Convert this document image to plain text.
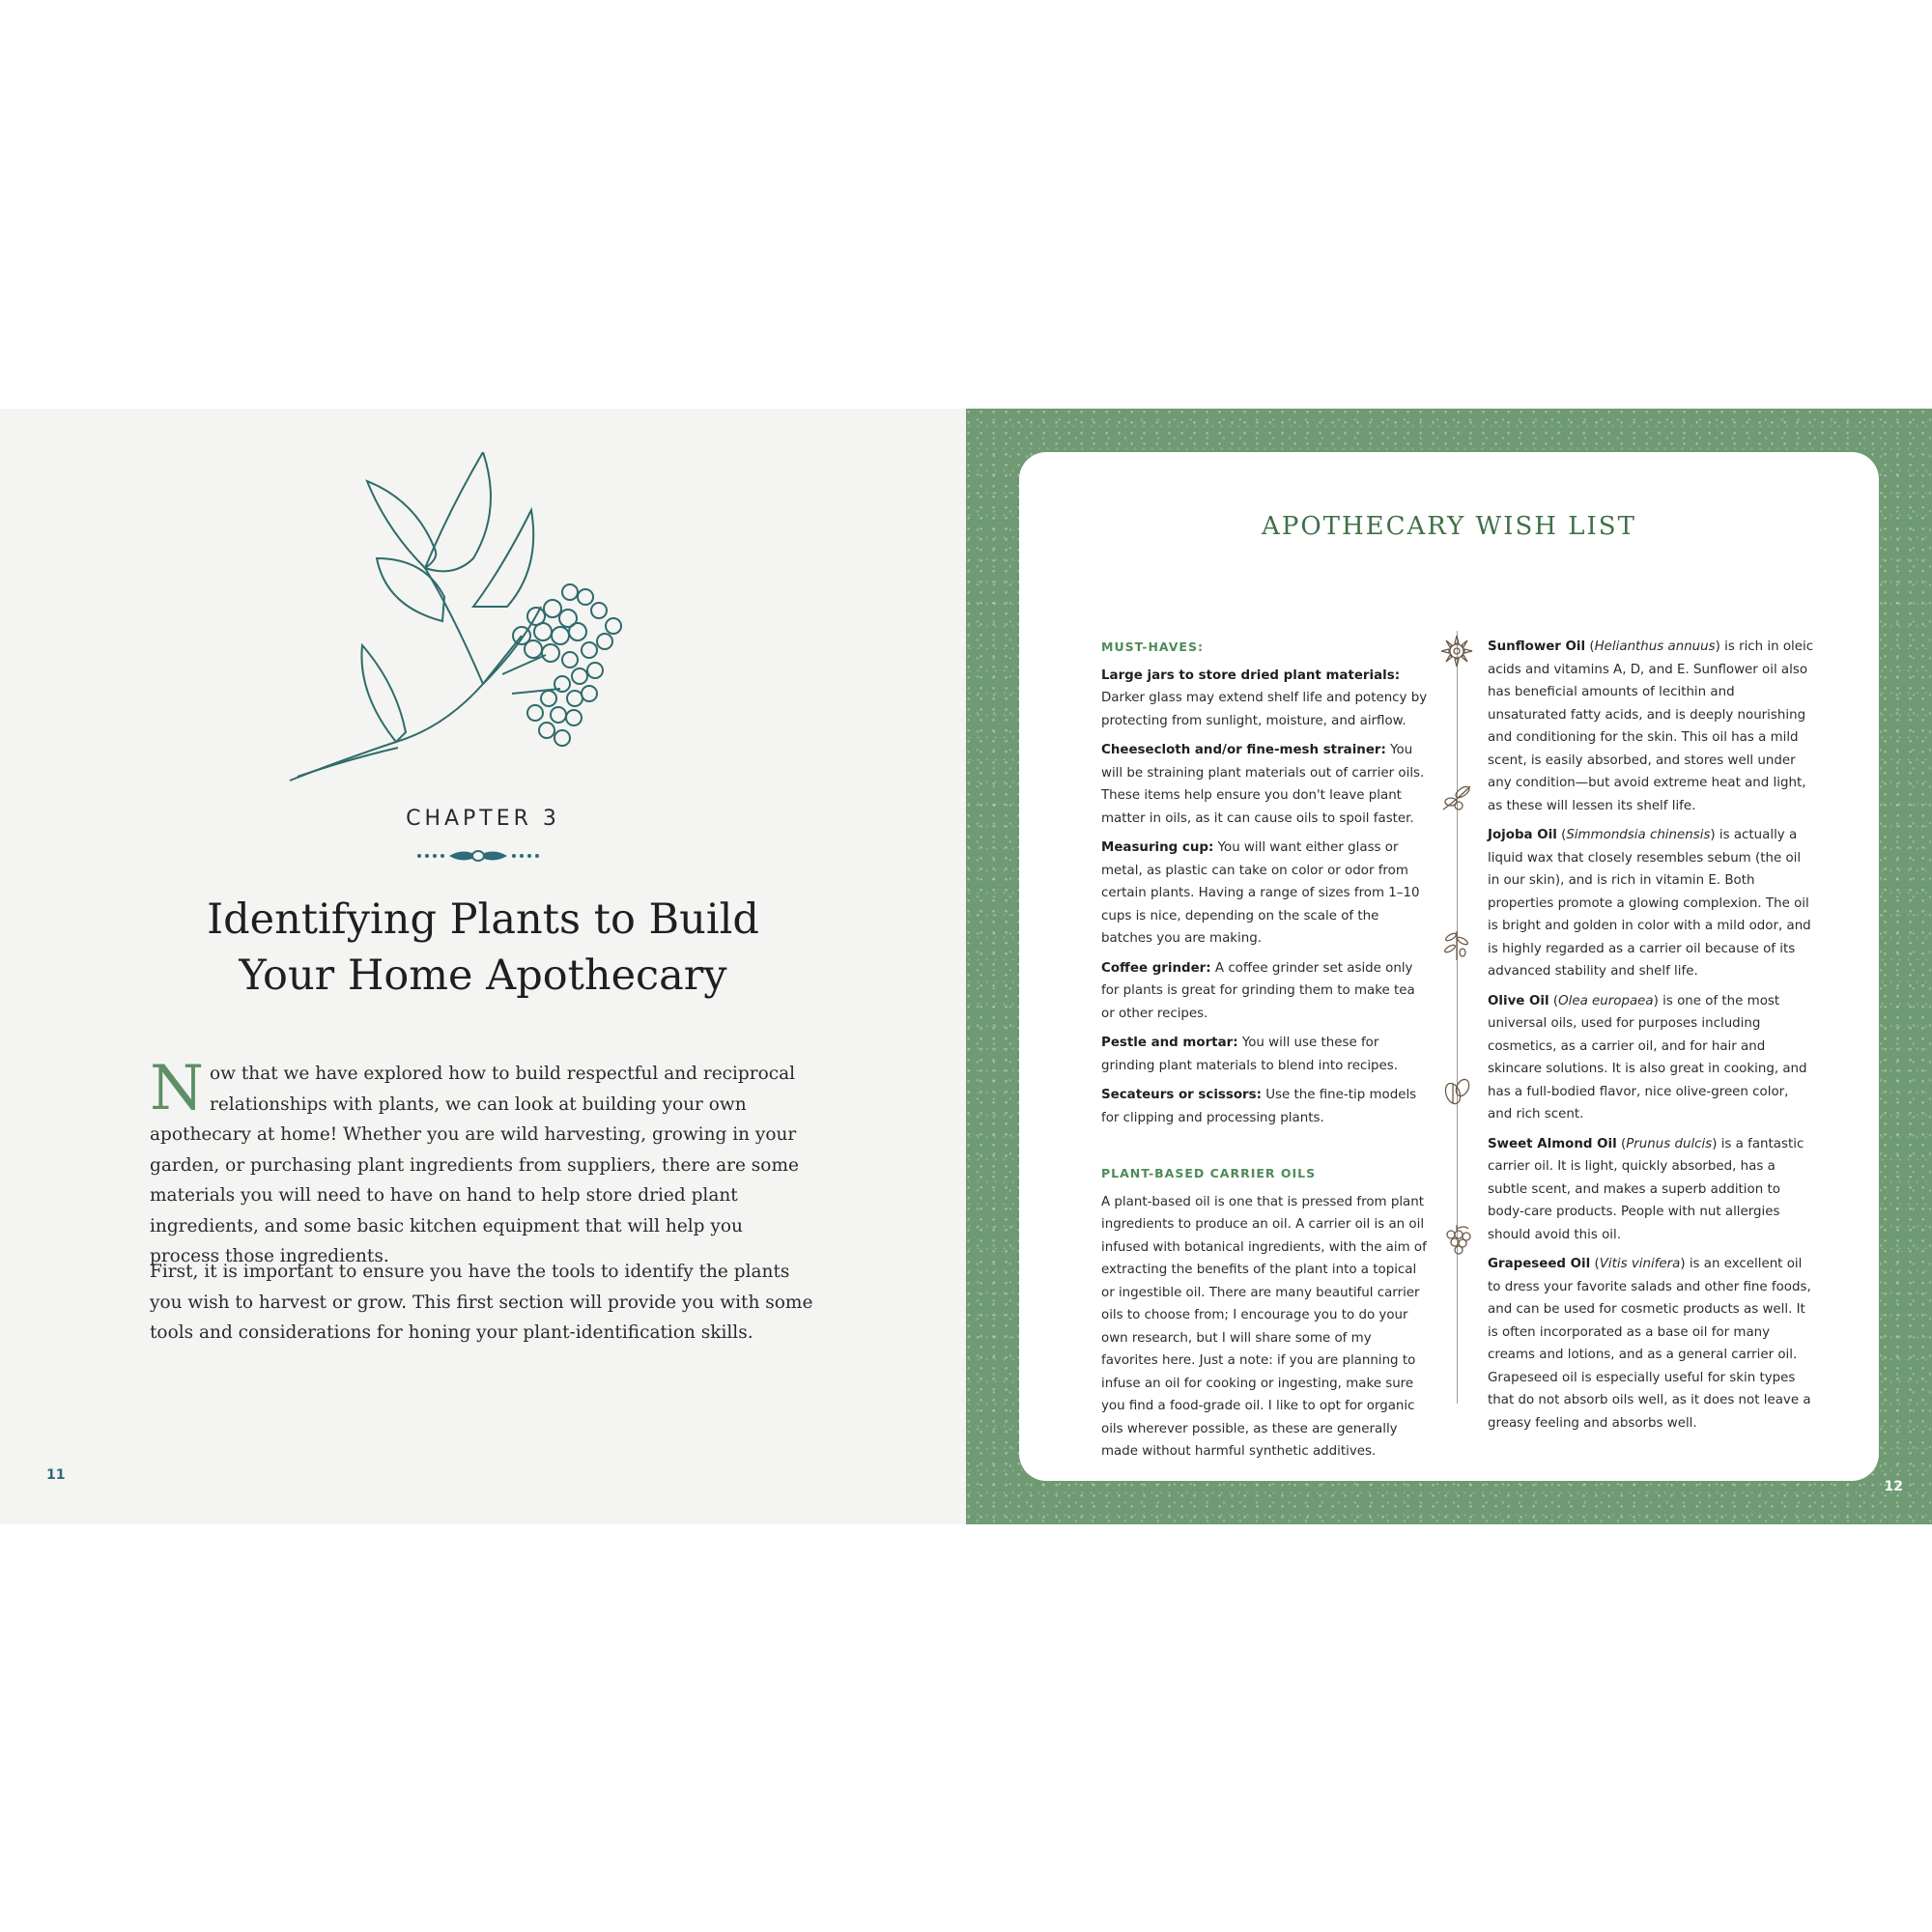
CHAPTER 3
Identifying Plants to Build
Your Home Apothecary

Now that we have explored how to build respectful and reciprocal relationships with plants, we can look at building your own apothecary at home! Whether you are wild harvesting, growing in your garden, or purchasing plant ingredients from suppliers, there are some materials you will need to have on hand to help store dried plant ingredients, and some basic kitchen equipment that will help you process those ingredients.

First, it is important to ensure you have the tools to identify the plants you wish to harvest or grow. This first section will provide you with some tools and considerations for honing your plant-identification skills.

11
APOTHECARY WISH LIST
MUST-HAVES:

Large jars to store dried plant materials: Darker glass may extend shelf life and potency by protecting from sunlight, moisture, and airflow.

Cheesecloth and/or fine-mesh strainer: You will be straining plant materials out of carrier oils. These items help ensure you don't leave plant matter in oils, as it can cause oils to spoil faster.

Measuring cup: You will want either glass or metal, as plastic can take on color or odor from certain plants. Having a range of sizes from 1–10 cups is nice, depending on the scale of the batches you are making.

Coffee grinder: A coffee grinder set aside only for plants is great for grinding them to make tea or other recipes.

Pestle and mortar: You will use these for grinding plant materials to blend into recipes.

Secateurs or scissors: Use the fine-tip models for clipping and processing plants.

PLANT-BASED CARRIER OILS

A plant-based oil is one that is pressed from plant ingredients to produce an oil. A carrier oil is an oil infused with botanical ingredients, with the aim of extracting the benefits of the plant into a topical or ingestible oil. There are many beautiful carrier oils to choose from; I encourage you to do your own research, but I will share some of my favorites here. Just a note: if you are planning to infuse an oil for cooking or ingesting, make sure you find a food-grade oil. I like to opt for organic oils wherever possible, as these are generally made without harmful synthetic additives.

Sunflower Oil (Helianthus annuus) is rich in oleic acids and vitamins A, D, and E. Sunflower oil also has beneficial amounts of lecithin and unsaturated fatty acids, and is deeply nourishing and conditioning for the skin. This oil has a mild scent, is easily absorbed, and stores well under any condition—but avoid extreme heat and light, as these will lessen its shelf life.

Jojoba Oil (Simmondsia chinensis) is actually a liquid wax that closely resembles sebum (the oil in our skin), and is rich in vitamin E. Both properties promote a glowing complexion. The oil is bright and golden in color with a mild odor, and is highly regarded as a carrier oil because of its advanced stability and shelf life.

Olive Oil (Olea europaea) is one of the most universal oils, used for purposes including cosmetics, as a carrier oil, and for hair and skincare solutions. It is also great in cooking, and has a full-bodied flavor, nice olive-green color, and rich scent.

Sweet Almond Oil (Prunus dulcis) is a fantastic carrier oil. It is light, quickly absorbed, has a subtle scent, and makes a superb addition to body-care products. People with nut allergies should avoid this oil.

Grapeseed Oil (Vitis vinifera) is an excellent oil to dress your favorite salads and other fine foods, and can be used for cosmetic products as well. It is often incorporated as a base oil for many creams and lotions, and as a general carrier oil. Grapeseed oil is especially useful for skin types that do not absorb oils well, as it does not leave a greasy feeling and absorbs well.

12
